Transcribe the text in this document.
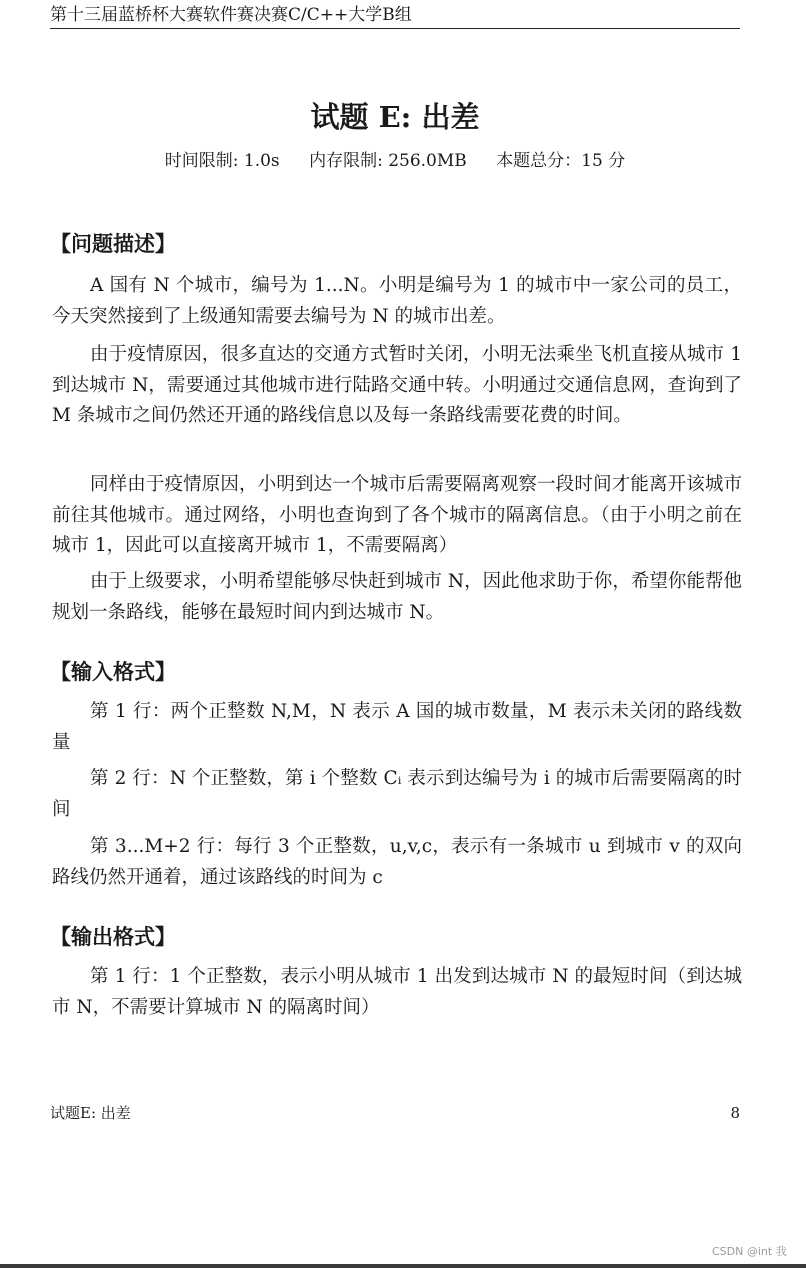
第十三届蓝桥杯大赛软件赛决赛C/C++大学B组
试题 E: 出差
时间限制: 1.0s 内存限制: 256.0MB 本题总分：15 分
【问题描述】
A 国有 N 个城市，编号为 1...N。小明是编号为 1 的城市中一家公司的员工，今天突然接到了上级通知需要去编号为 N 的城市出差。
由于疫情原因，很多直达的交通方式暂时关闭，小明无法乘坐飞机直接从城市 1 到达城市 N，需要通过其他城市进行陆路交通中转。小明通过交通信息网，查询到了 M 条城市之间仍然还开通的路线信息以及每一条路线需要花费的时间。
同样由于疫情原因，小明到达一个城市后需要隔离观察一段时间才能离开该城市前往其他城市。通过网络，小明也查询到了各个城市的隔离信息。（由于小明之前在城市 1，因此可以直接离开城市 1，不需要隔离）
由于上级要求，小明希望能够尽快赶到城市 N，因此他求助于你，希望你能帮他规划一条路线，能够在最短时间内到达城市 N。
【输入格式】
第 1 行：两个正整数 N,M，N 表示 A 国的城市数量，M 表示未关闭的路线数量
第 2 行：N 个正整数，第 i 个整数 Cᵢ 表示到达编号为 i 的城市后需要隔离的时间
第 3...M+2 行：每行 3 个正整数，u,v,c，表示有一条城市 u 到城市 v 的双向路线仍然开通着，通过该路线的时间为 c
【输出格式】
第 1 行：1 个正整数，表示小明从城市 1 出发到达城市 N 的最短时间（到达城市 N，不需要计算城市 N 的隔离时间）
试题E: 出差	8
CSDN @int 我
